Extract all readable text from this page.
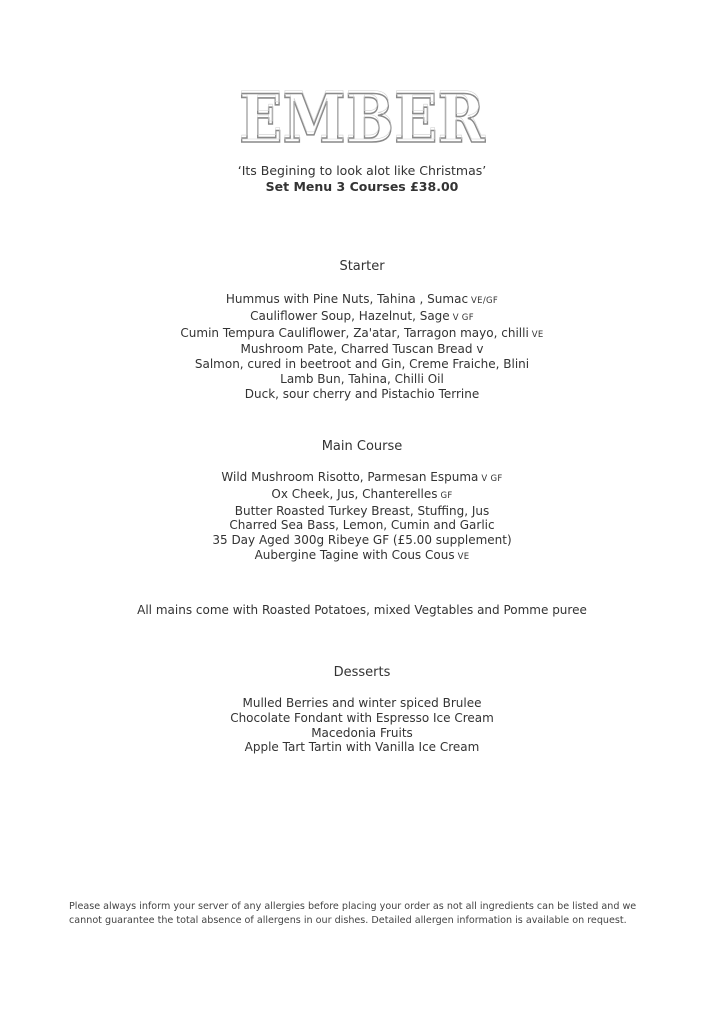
EMBER
EMBER
‘Its Begining to look alot like Christmas’
Set Menu 3 Courses £38.00
Starter
Hummus with Pine Nuts, Tahina , Sumac VE/GF
Cauliflower Soup, Hazelnut, Sage V GF
Cumin Tempura Cauliflower, Za'atar, Tarragon mayo, chilli VE
Mushroom Pate, Charred Tuscan Bread v
Salmon, cured in beetroot and Gin, Creme Fraiche, Blini
Lamb Bun, Tahina, Chilli Oil
Duck, sour cherry and Pistachio Terrine
Main Course
Wild Mushroom Risotto, Parmesan Espuma V GF
Ox Cheek, Jus, Chanterelles GF
Butter Roasted Turkey Breast, Stuffing, Jus
Charred Sea Bass, Lemon, Cumin and Garlic
35 Day Aged 300g Ribeye GF (£5.00 supplement)
Aubergine Tagine with Cous Cous VE
All mains come with Roasted Potatoes, mixed Vegtables and Pomme puree
Desserts
Mulled Berries and winter spiced Brulee
Chocolate Fondant with Espresso Ice Cream
Macedonia Fruits
Apple Tart Tartin with Vanilla Ice Cream
Please always inform your server of any allergies before placing your order as not all ingredients can be listed and we cannot guarantee the total absence of allergens in our dishes. Detailed allergen information is available on request.
